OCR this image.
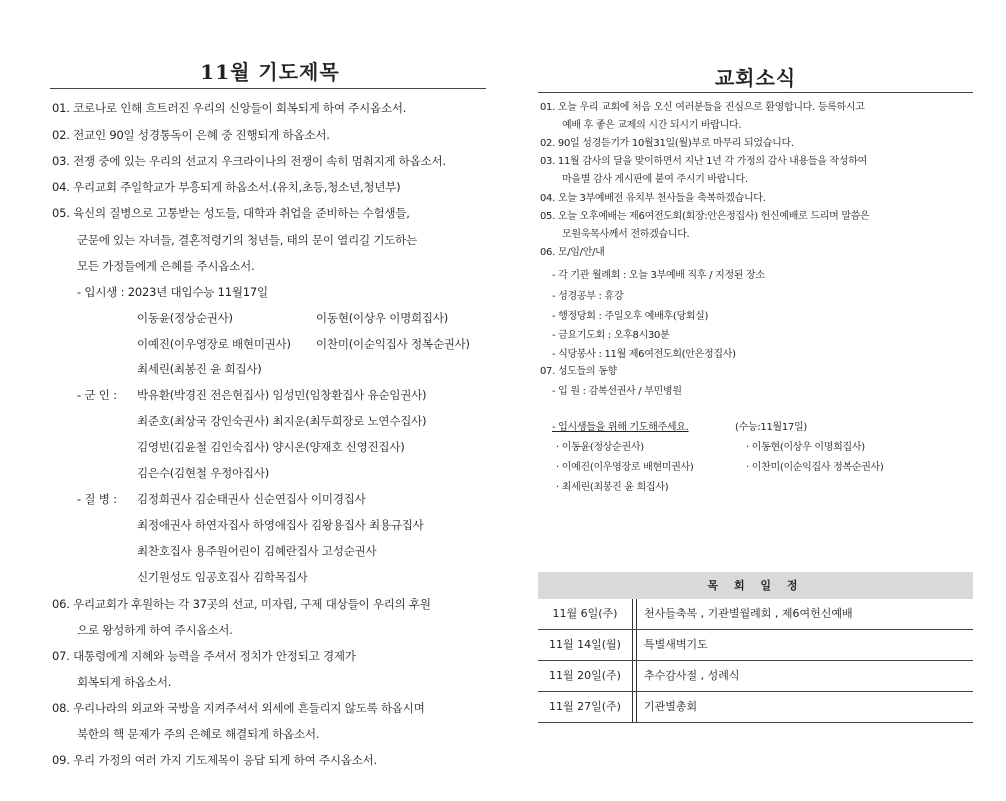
11월 기도제목	교회소식
01. 코로나로 인해 흐트러진 우리의 신앙들이 회복되게 하여 주시옵소서.
02. 전교인 90일 성경통독이 은혜 중 진행되게 하옵소서.
03. 전쟁 중에 있는 우리의 선교지 우크라이나의 전쟁이 속히 멈춰지게 하옵소서.
04. 우리교회 주일학교가 부흥되게 하옵소서.(유치,초등,청소년,청년부)
05. 육신의 질병으로 고통받는 성도들, 대학과 취업을 준비하는 수험생들,
군문에 있는 자녀들, 결혼적령기의 청년들, 태의 문이 열리길 기도하는
모든 가정들에게 은혜를 주시옵소서.
- 입시생 : 2023년 대입수능 11월17일
이동윤(정상순권사)	이동현(이상우 이명희집사)
이예진(이우영장로 배현미권사) 이찬미(이순익집사 정복순권사)
최세린(최봉진 윤 희집사)
- 군 인 : 박유환(박경진 전은현집사) 임성민(임창환집사 유순임권사)
최준호(최상국 강인숙권사) 최지운(최두희장로 노연수집사)
김영빈(김윤철 김인숙집사) 양시온(양재호 신영진집사)
김은수(김현철 우정아집사)
- 질 병 : 김정희권사 김순태권사 신순연집사 이미경집사
최정애권사 하연자집사 하영애집사 김왕용집사 최용규집사
최찬호집사 용주원어린이 김혜란집사 고성순권사
신기원성도 임공호집사 김학목집사
06. 우리교회가 후원하는 각 37곳의 선교, 미자립, 구제 대상들이 우리의 후원
으로 왕성하게 하여 주시옵소서.
07. 대통령에게 지혜와 능력을 주셔서 정치가 안정되고 경제가
회복되게 하옵소서.
08. 우리나라의 외교와 국방을 지켜주셔서 외세에 흔들리지 않도록 하옵시며
북한의 핵 문제가 주의 은혜로 해결되게 하옵소서.
09. 우리 가정의 여러 가지 기도제목이 응답 되게 하여 주시옵소서.
01. 오늘 우리 교회에 처음 오신 여러분들을 진심으로 환영합니다. 등록하시고
예배 후 좋은 교제의 시간 되시기 바랍니다.
02. 90일 성경듣기가 10월31일(월)부로 마무리 되었습니다.
03. 11월 감사의 달을 맞이하면서 지난 1년 각 가정의 감사 내용들을 작성하여
마을별 감사 게시판에 붙여 주시기 바랍니다.
04. 오늘 3부예배전 유치부 천사들을 축복하겠습니다.
05. 오늘 오후예배는 제6여전도회(회장:안은정집사) 헌신예배로 드리며 말씀은
모원욱목사께서 전하겠습니다.
06. 모/임/안/내
- 각 기관 월례회 : 오늘 3부예배 직후 / 지정된 장소
- 성경공부 : 휴강
- 행정당회 : 주일오후 예배후(당회실)
- 금요기도회 : 오후8시30분
- 식당봉사 : 11월 제6여전도회(안은정집사)
07. 성도들의 동향
- 입 원 : 감복선권사 / 부민병원
- 입시생들을 위해 기도해주세요.	(수능:11월17일)
· 이동윤(정상순권사)	· 이동현(이상우 이명희집사)
· 이예진(이우영장로 배현미권사)	· 이찬미(이순익집사 정복순권사)
· 최세린(최봉진 윤 희집사)
목 회 일 정
11월 6일(주)	천사들축복 , 기관별월례회 , 제6여헌신예배
11월 14일(월)	특별새벽기도
11월 20일(주)	추수감사절 , 성례식
11월 27일(주)	기관별총회
